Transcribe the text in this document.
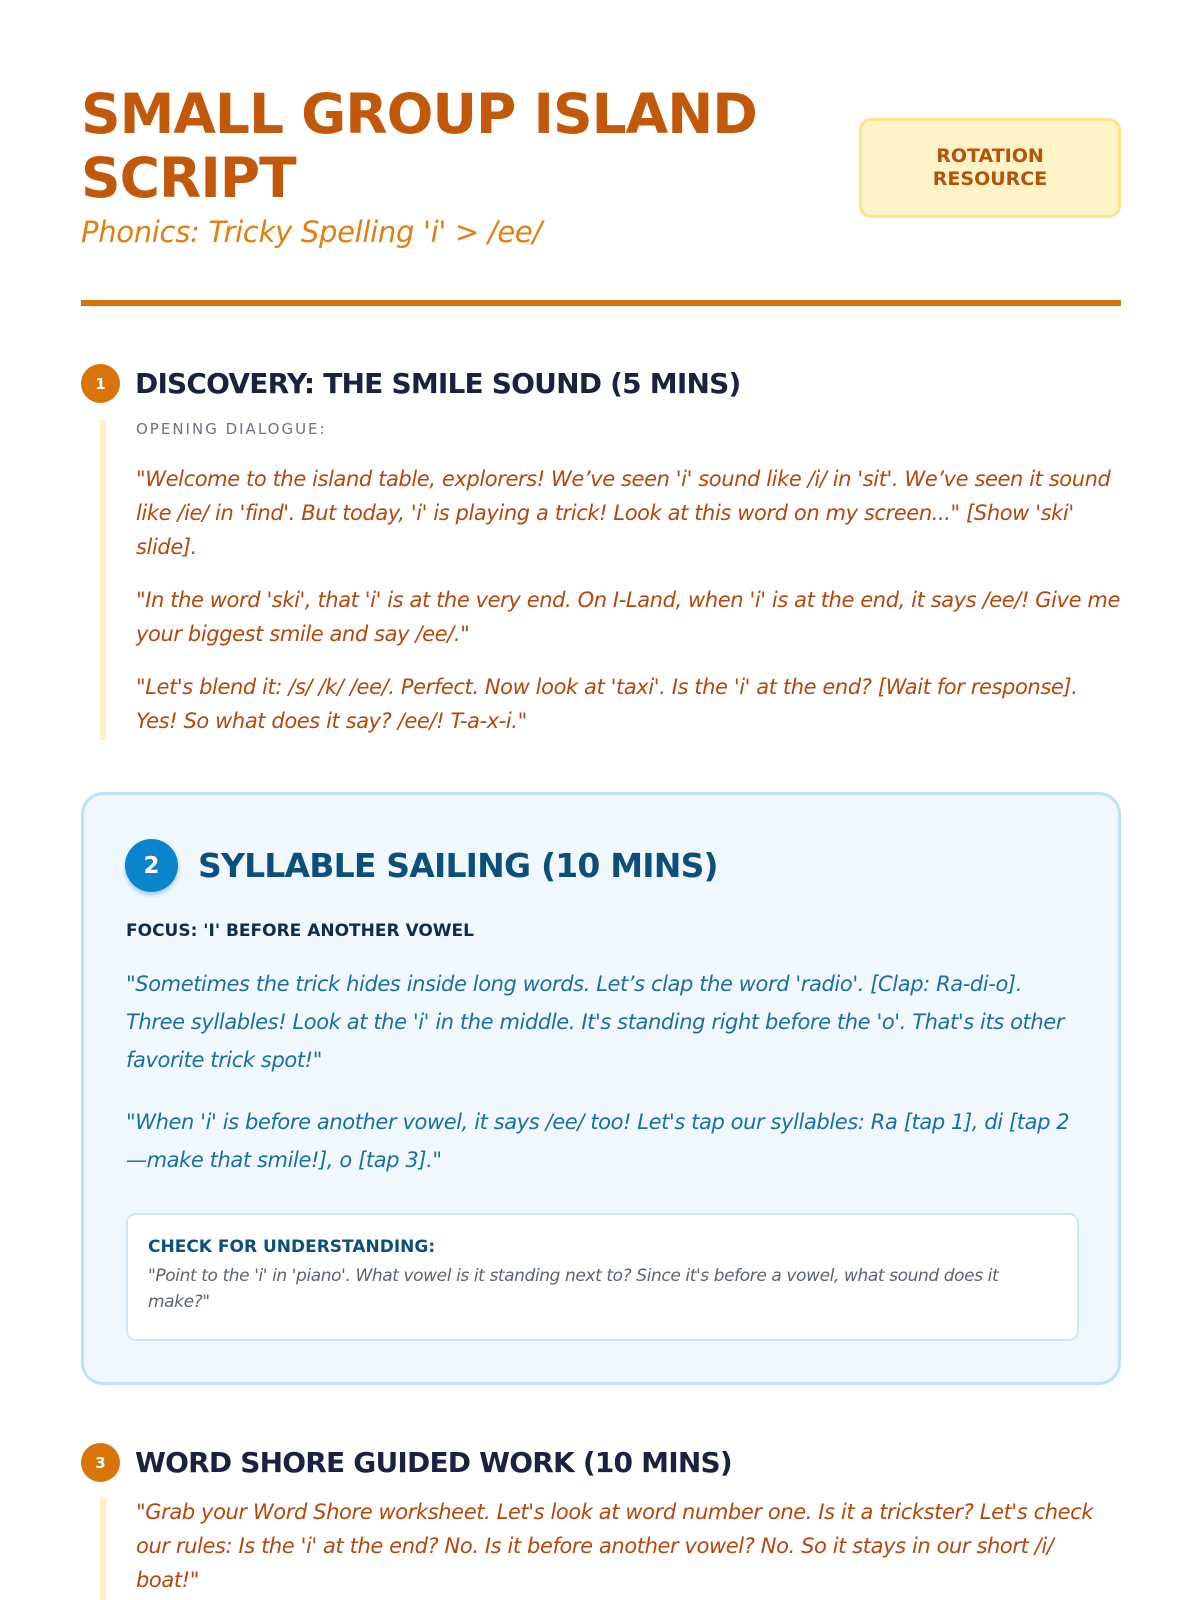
SMALL GROUP ISLAND SCRIPT

Phonics: Tricky Spelling 'i' > /ee/

ROTATION RESOURCE
1	DISCOVERY: THE SMILE SOUND (5 MINS)

OPENING DIALOGUE:

"Welcome to the island table, explorers! We’ve seen 'i' sound like /i/ in 'sit'. We’ve seen it sound like /ie/ in 'find'. But today, 'i' is playing a trick! Look at this word on my screen..." [Show 'ski' slide].

"In the word 'ski', that 'i' is at the very end. On I-Land, when 'i' is at the end, it says /ee/! Give me your biggest smile and say /ee/."

"Let's blend it: /s/ /k/ /ee/. Perfect. Now look at 'taxi'. Is the 'i' at the end? [Wait for response]. Yes! So what does it say? /ee/! T-a-x-i."

2	SYLLABLE SAILING (10 MINS)

FOCUS: 'I' BEFORE ANOTHER VOWEL

"Sometimes the trick hides inside long words. Let’s clap the word 'radio'. [Clap: Ra-di-o]. Three syllables! Look at the 'i' in the middle. It's standing right before the 'o'. That's its other favorite trick spot!"

"When 'i' is before another vowel, it says /ee/ too! Let's tap our syllables: Ra [tap 1], di [tap 2—make that smile!], o [tap 3]."

CHECK FOR UNDERSTANDING:

"Point to the 'i' in 'piano'. What vowel is it standing next to? Since it's before a vowel, what sound does it make?"

3	WORD SHORE GUIDED WORK (10 MINS)

"Grab your Word Shore worksheet. Let's look at word number one. Is it a trickster? Let's check our rules: Is the 'i' at the end? No. Is it before another vowel? No. So it stays in our short /i/ boat!"
